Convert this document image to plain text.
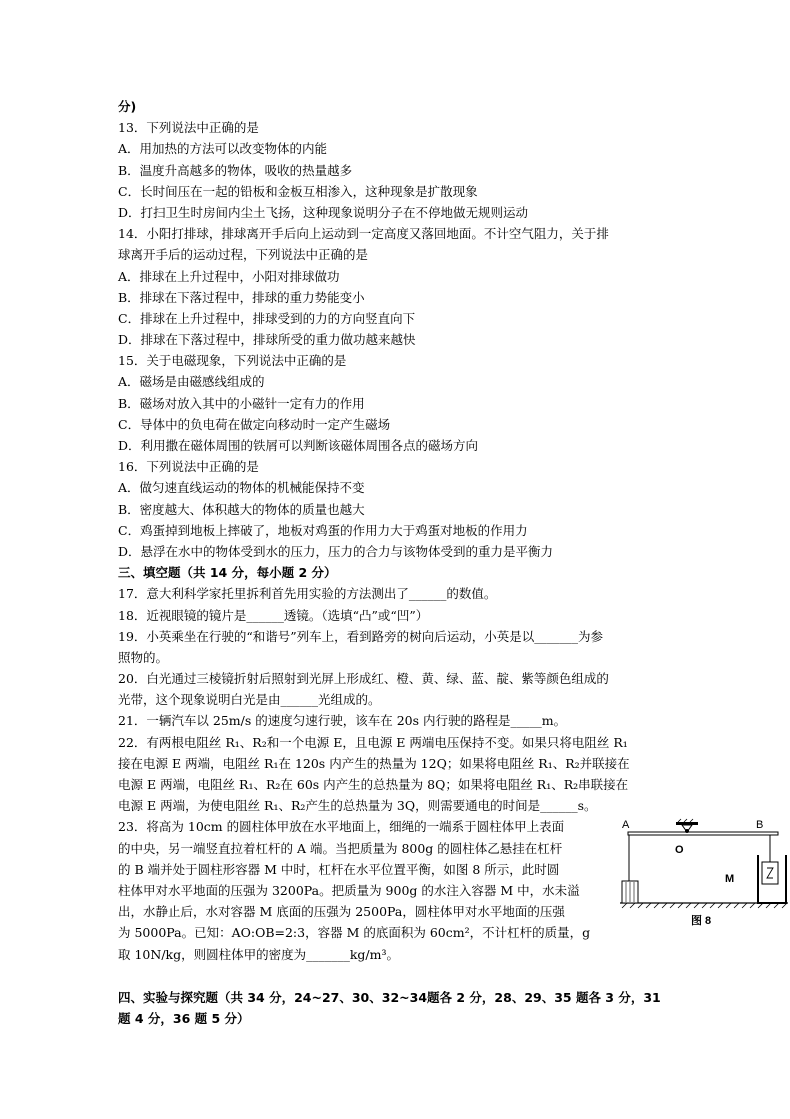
分)
13．下列说法中正确的是
A．用加热的方法可以改变物体的内能
B．温度升高越多的物体，吸收的热量越多
C．长时间压在一起的铅板和金板互相渗入，这种现象是扩散现象
D．打扫卫生时房间内尘土飞扬，这种现象说明分子在不停地做无规则运动
14．小阳打排球，排球离开手后向上运动到一定高度又落回地面。不计空气阻力，关于排
球离开手后的运动过程，下列说法中正确的是
A．排球在上升过程中，小阳对排球做功
B．排球在下落过程中，排球的重力势能变小
C．排球在上升过程中，排球受到的力的方向竖直向下
D．排球在下落过程中，排球所受的重力做功越来越快
15．关于电磁现象，下列说法中正确的是
A．磁场是由磁感线组成的
B．磁场对放入其中的小磁针一定有力的作用
C．导体中的负电荷在做定向移动时一定产生磁场
D．利用撒在磁体周围的铁屑可以判断该磁体周围各点的磁场方向
16．下列说法中正确的是
A．做匀速直线运动的物体的机械能保持不变
B．密度越大、体积越大的物体的质量也越大
C．鸡蛋掉到地板上摔破了，地板对鸡蛋的作用力大于鸡蛋对地板的作用力
D．悬浮在水中的物体受到水的压力，压力的合力与该物体受到的重力是平衡力
三、填空题（共 14 分，每小题 2 分）
17．意大利科学家托里拆利首先用实验的方法测出了______的数值。
18．近视眼镜的镜片是______透镜。（选填“凸”或“凹”）
19．小英乘坐在行驶的“和谐号”列车上，看到路旁的树向后运动，小英是以_______为参
照物的。
20．白光通过三棱镜折射后照射到光屏上形成红、橙、黄、绿、蓝、靛、紫等颜色组成的
光带，这个现象说明白光是由______光组成的。
21．一辆汽车以 25m/s 的速度匀速行驶，该车在 20s 内行驶的路程是_____m。
22．有两根电阻丝 R₁、R₂和一个电源 E，且电源 E 两端电压保持不变。如果只将电阻丝 R₁
接在电源 E 两端，电阻丝 R₁在 120s 内产生的热量为 12Q；如果将电阻丝 R₁、R₂并联接在
电源 E 两端，电阻丝 R₁、R₂在 60s 内产生的总热量为 8Q；如果将电阻丝 R₁、R₂串联接在
电源 E 两端，为使电阻丝 R₁、R₂产生的总热量为 3Q，则需要通电的时间是______s。
23．将高为 10cm 的圆柱体甲放在水平地面上，细绳的一端系于圆柱体甲上表面
的中央，另一端竖直拉着杠杆的 A 端。当把质量为 800g 的圆柱体乙悬挂在杠杆
的 B 端并处于圆柱形容器 M 中时，杠杆在水平位置平衡，如图 8 所示，此时圆
柱体甲对水平地面的压强为 3200Pa。把质量为 900g 的水注入容器 M 中，水未溢
出，水静止后，水对容器 M 底面的压强为 2500Pa，圆柱体甲对水平地面的压强
为 5000Pa。已知：AO:OB=2:3，容器 M 的底面积为 60cm²，不计杠杆的质量，g
取 10N/kg，则圆柱体甲的密度为_______kg/m³。
四、实验与探究题（共 34 分，24~27、30、32~34题各 2 分，28、29、35 题各 3 分，31
题 4 分，36 题 5 分）
A	B
O
M
图 8
